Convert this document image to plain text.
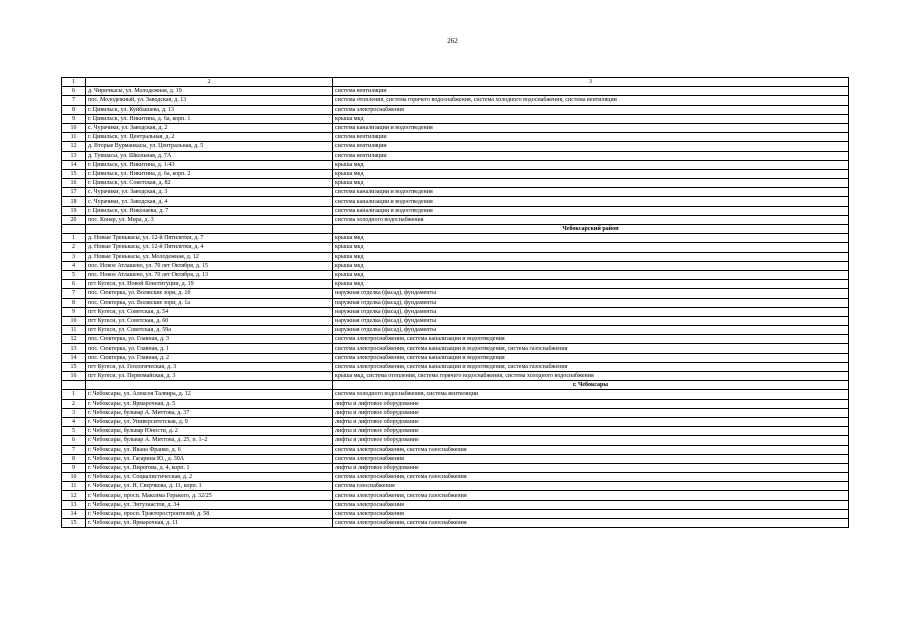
262
1	2	3
6	д. Чиричкасы, ул. Молодежная, д. 19	система вентиляции
7	пос. Молодежный, ул. Заводская, д. 13	система отопления, система горячего водоснабжения, система холодного водоснабжения, система вентиляции
8	г. Цивильск, ул. Куйбышева, д. 13	система электроснабжения
9	г. Цивильск, ул. Никитина, д. 6а, корп. 1	крыша мкд
10	с. Чурачики, ул. Заводская, д. 2	система канализации и водоотведения
11	г. Цивильск, ул. Центральная, д. 2	система вентиляции
12	д. Вторые Вурманкасы, ул. Центральная, д. 5	система вентиляции
13	д. Тувшасы, ул. Школьная, д. 7А	система вентиляции
14	г. Цивильск, ул. Никитина, д. 1/43	крыша мкд
15	г. Цивильск, ул. Никитина, д. 6а, корп. 2	крыша мкд
16	г. Цивильск, ул. Советская, д. 82	крыша мкд
17	с. Чурачики, ул. Заводская, д. 3	система канализации и водоотведения
18	с. Чурачики, ул. Заводская, д. 4	система канализации и водоотведения
19	г. Цивильск, ул. Николаева, д. 7	система канализации и водоотведения
20	пос. Конар, ул. Мира, д. 3	система холодного водоснабжения
		Чебоксарский район
1	д. Новые Тренькасы, ул. 12-й Пятилетки, д. 7	крыша мкд
2	д. Новые Тренькасы, ул. 12-й Пятилетки, д. 4	крыша мкд
3	д. Новые Тренькасы, ул. Молодежная, д. 12	крыша мкд
4	пос. Новое Атлашево, ул. 70 лет Октября, д. 15	крыша мкд
5	пос. Новое Атлашево, ул. 70 лет Октября, д. 13	крыша мкд
6	пгт Кугеси, ул. Новой Конституции, д. 19	крыша мкд
7	пос. Сюктерка, ул. Волжские зори, д. 1б	наружная отделка (фасад), фундаменты
8	пос. Сюктерка, ул. Волжские зори, д. 1а	наружная отделка (фасад), фундаменты
9	пгт Кугеси, ул. Советская, д. 54	наружная отделка (фасад), фундаменты
10	пгт Кугеси, ул. Советская, д. 60	наружная отделка (фасад), фундаменты
11	пгт Кугеси, ул. Советская, д. 59а	наружная отделка (фасад), фундаменты
12	пос. Сюктерка, ул. Главная, д. 3	система электроснабжения, система канализации и водоотведения
13	пос. Сюктерка, ул. Главная, д. 1	система электроснабжения, система канализации и водоотведения, система газоснабжения
14	пос. Сюктерка, ул. Главная, д. 2	система электроснабжения, система канализации и водоотведения
15	пгт Кугеси, ул. Геологическая, д. 3	система электроснабжения, система канализации и водоотведения, система газоснабжения
16	пгт Кугеси, ул. Первомайская, д. 3	крыша мкд, система отопления, система горячего водоснабжения, система холодного водоснабжения
		г. Чебоксары
1	г. Чебоксары, ул. Алексея Талвира, д. 12	система холодного водоснабжения, система вентиляции
2	г. Чебоксары, ул. Ярмарочная, д. 5	лифты и лифтовое оборудование
3	г. Чебоксары, бульвар А. Миттова, д. 37	лифты и лифтовое оборудование
4	г. Чебоксары, ул. Университетская, д. 9	лифты и лифтовое оборудование
5	г. Чебоксары, бульвар Юности, д. 2	лифты и лифтовое оборудование
6	г. Чебоксары, бульвар А. Миттова, д. 25, п. 1–2	лифты и лифтовое оборудование
7	г. Чебоксары, ул. Ивана Франко, д. 6	система электроснабжения, система газоснабжения
8	г. Чебоксары, ул. Гагарина Ю., д. 30А	система электроснабжения
9	г. Чебоксары, ул. Пирогова, д. 4, корп. 1	лифты и лифтовое оборудование
10	г. Чебоксары, ул. Социалистическая, д. 2	система электроснабжения, система газоснабжения
11	г. Чебоксары, ул. Н. Сверчкова, д. 11, корп. 1	система газоснабжения
12	г. Чебоксары, просп. Максима Горького, д. 32/25	система электроснабжения, система газоснабжения
13	г. Чебоксары, ул. Энтузиастов, д. 34	система электроснабжения
14	г. Чебоксары, просп. Тракторостроителей, д. 58	система электроснабжения
15	г. Чебоксары, ул. Ярмарочная, д. 11	система электроснабжения, система газоснабжения
